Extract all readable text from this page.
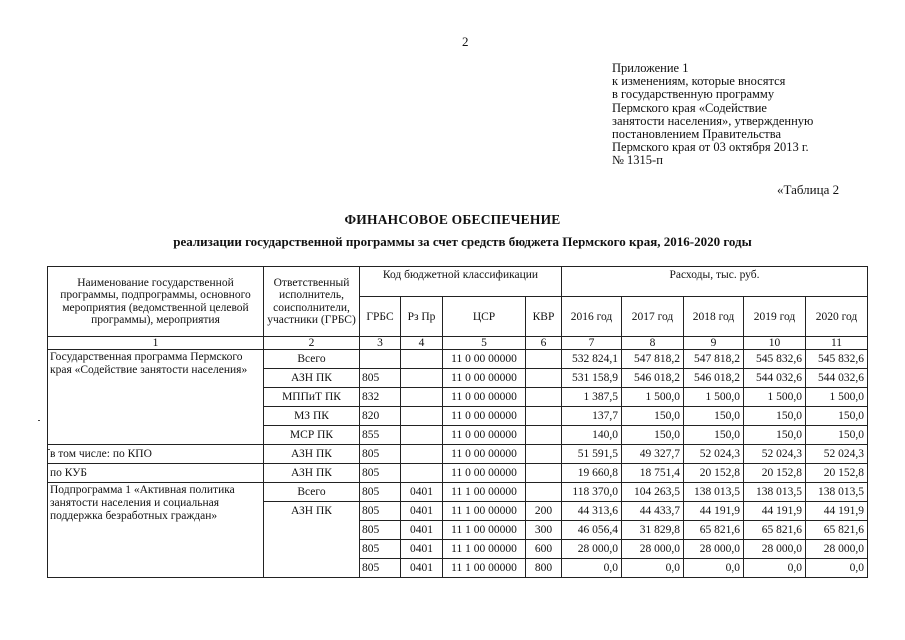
2
Приложение 1
к изменениям, которые вносятся
в государственную программу
Пермского края «Содействие
занятости населения», утвержденную
постановлением Правительства
Пермского края от 03 октября 2013 г.
№ 1315-п
«Таблица 2
ФИНАНСОВОЕ ОБЕСПЕЧЕНИЕ
реализации государственной программы за счет средств бюджета Пермского края, 2016-2020 годы
Наименование государственной программы, подпрограммы, основного мероприятия (ведомственной целевой программы), мероприятия	Ответственный исполнитель, соисполнители, участники (ГРБС)	Код бюджетной классификации				Расходы, тыс. руб.				
		ГРБС	Рз Пр	ЦСР	КВР	2016 год	2017 год	2018 год	2019 год	2020 год
1	2	3	4	5	6	7	8	9	10	11
Государственная программа Пермского края «Содействие занятости населения»	Всего			11 0 00 00000		532 824,1	547 818,2	547 818,2	545 832,6	545 832,6
	АЗН ПК	805		11 0 00 00000		531 158,9	546 018,2	546 018,2	544 032,6	544 032,6
	МППиТ ПК	832		11 0 00 00000		1 387,5	1 500,0	1 500,0	1 500,0	1 500,0
	МЗ ПК	820		11 0 00 00000		137,7	150,0	150,0	150,0	150,0
	МСР ПК	855		11 0 00 00000		140,0	150,0	150,0	150,0	150,0
в том числе: по КПО	АЗН ПК	805		11 0 00 00000		51 591,5	49 327,7	52 024,3	52 024,3	52 024,3
по КУБ	АЗН ПК	805		11 0 00 00000		19 660,8	18 751,4	20 152,8	20 152,8	20 152,8
Подпрограмма 1 «Активная политика занятости населения и социальная поддержка безработных граждан»	Всего	805	0401	11 1 00 00000		118 370,0	104 263,5	138 013,5	138 013,5	138 013,5
	АЗН ПК	805	0401	11 1 00 00000	200	44 313,6	44 433,7	44 191,9	44 191,9	44 191,9
		805	0401	11 1 00 00000	300	46 056,4	31 829,8	65 821,6	65 821,6	65 821,6
		805	0401	11 1 00 00000	600	28 000,0	28 000,0	28 000,0	28 000,0	28 000,0
		805	0401	11 1 00 00000	800	0,0	0,0	0,0	0,0	0,0
